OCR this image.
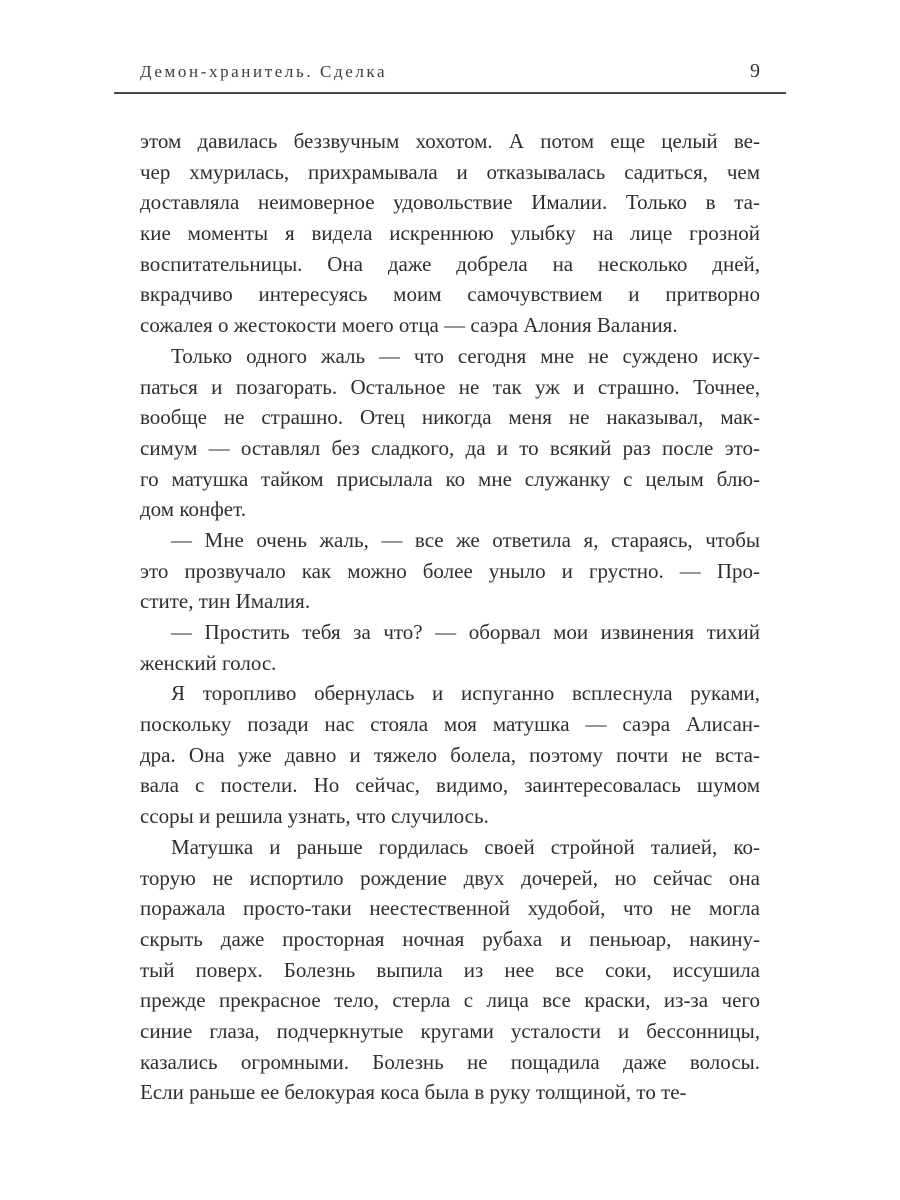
Демон-хранитель. Сделка	9
этом давилась беззвучным хохотом. А потом еще целый ве-
чер хмурилась, прихрамывала и отказывалась садиться, чем
доставляла неимоверное удовольствие Ималии. Только в та-
кие моменты я видела искреннюю улыбку на лице грозной
воспитательницы. Она даже добрела на несколько дней,
вкрадчиво интересуясь моим самочувствием и притворно
сожалея о жестокости моего отца — саэра Алония Валания.
Только одного жаль — что сегодня мне не суждено иску-
паться и позагорать. Остальное не так уж и страшно. Точнее,
вообще не страшно. Отец никогда меня не наказывал, мак-
симум — оставлял без сладкого, да и то всякий раз после это-
го матушка тайком присылала ко мне служанку с целым блю-
дом конфет.
— Мне очень жаль, — все же ответила я, стараясь, чтобы
это прозвучало как можно более уныло и грустно. — Про-
стите, тин Ималия.
— Простить тебя за что? — оборвал мои извинения тихий
женский голос.
Я торопливо обернулась и испуганно всплеснула руками,
поскольку позади нас стояла моя матушка — саэра Алисан-
дра. Она уже давно и тяжело болела, поэтому почти не вста-
вала с постели. Но сейчас, видимо, заинтересовалась шумом
ссоры и решила узнать, что случилось.
Матушка и раньше гордилась своей стройной талией, ко-
торую не испортило рождение двух дочерей, но сейчас она
поражала просто-таки неестественной худобой, что не могла
скрыть даже просторная ночная рубаха и пеньюар, накину-
тый поверх. Болезнь выпила из нее все соки, иссушила
прежде прекрасное тело, стерла с лица все краски, из-за чего
синие глаза, подчеркнутые кругами усталости и бессонницы,
казались огромными. Болезнь не пощадила даже волосы.
Если раньше ее белокурая коса была в руку толщиной, то те-
